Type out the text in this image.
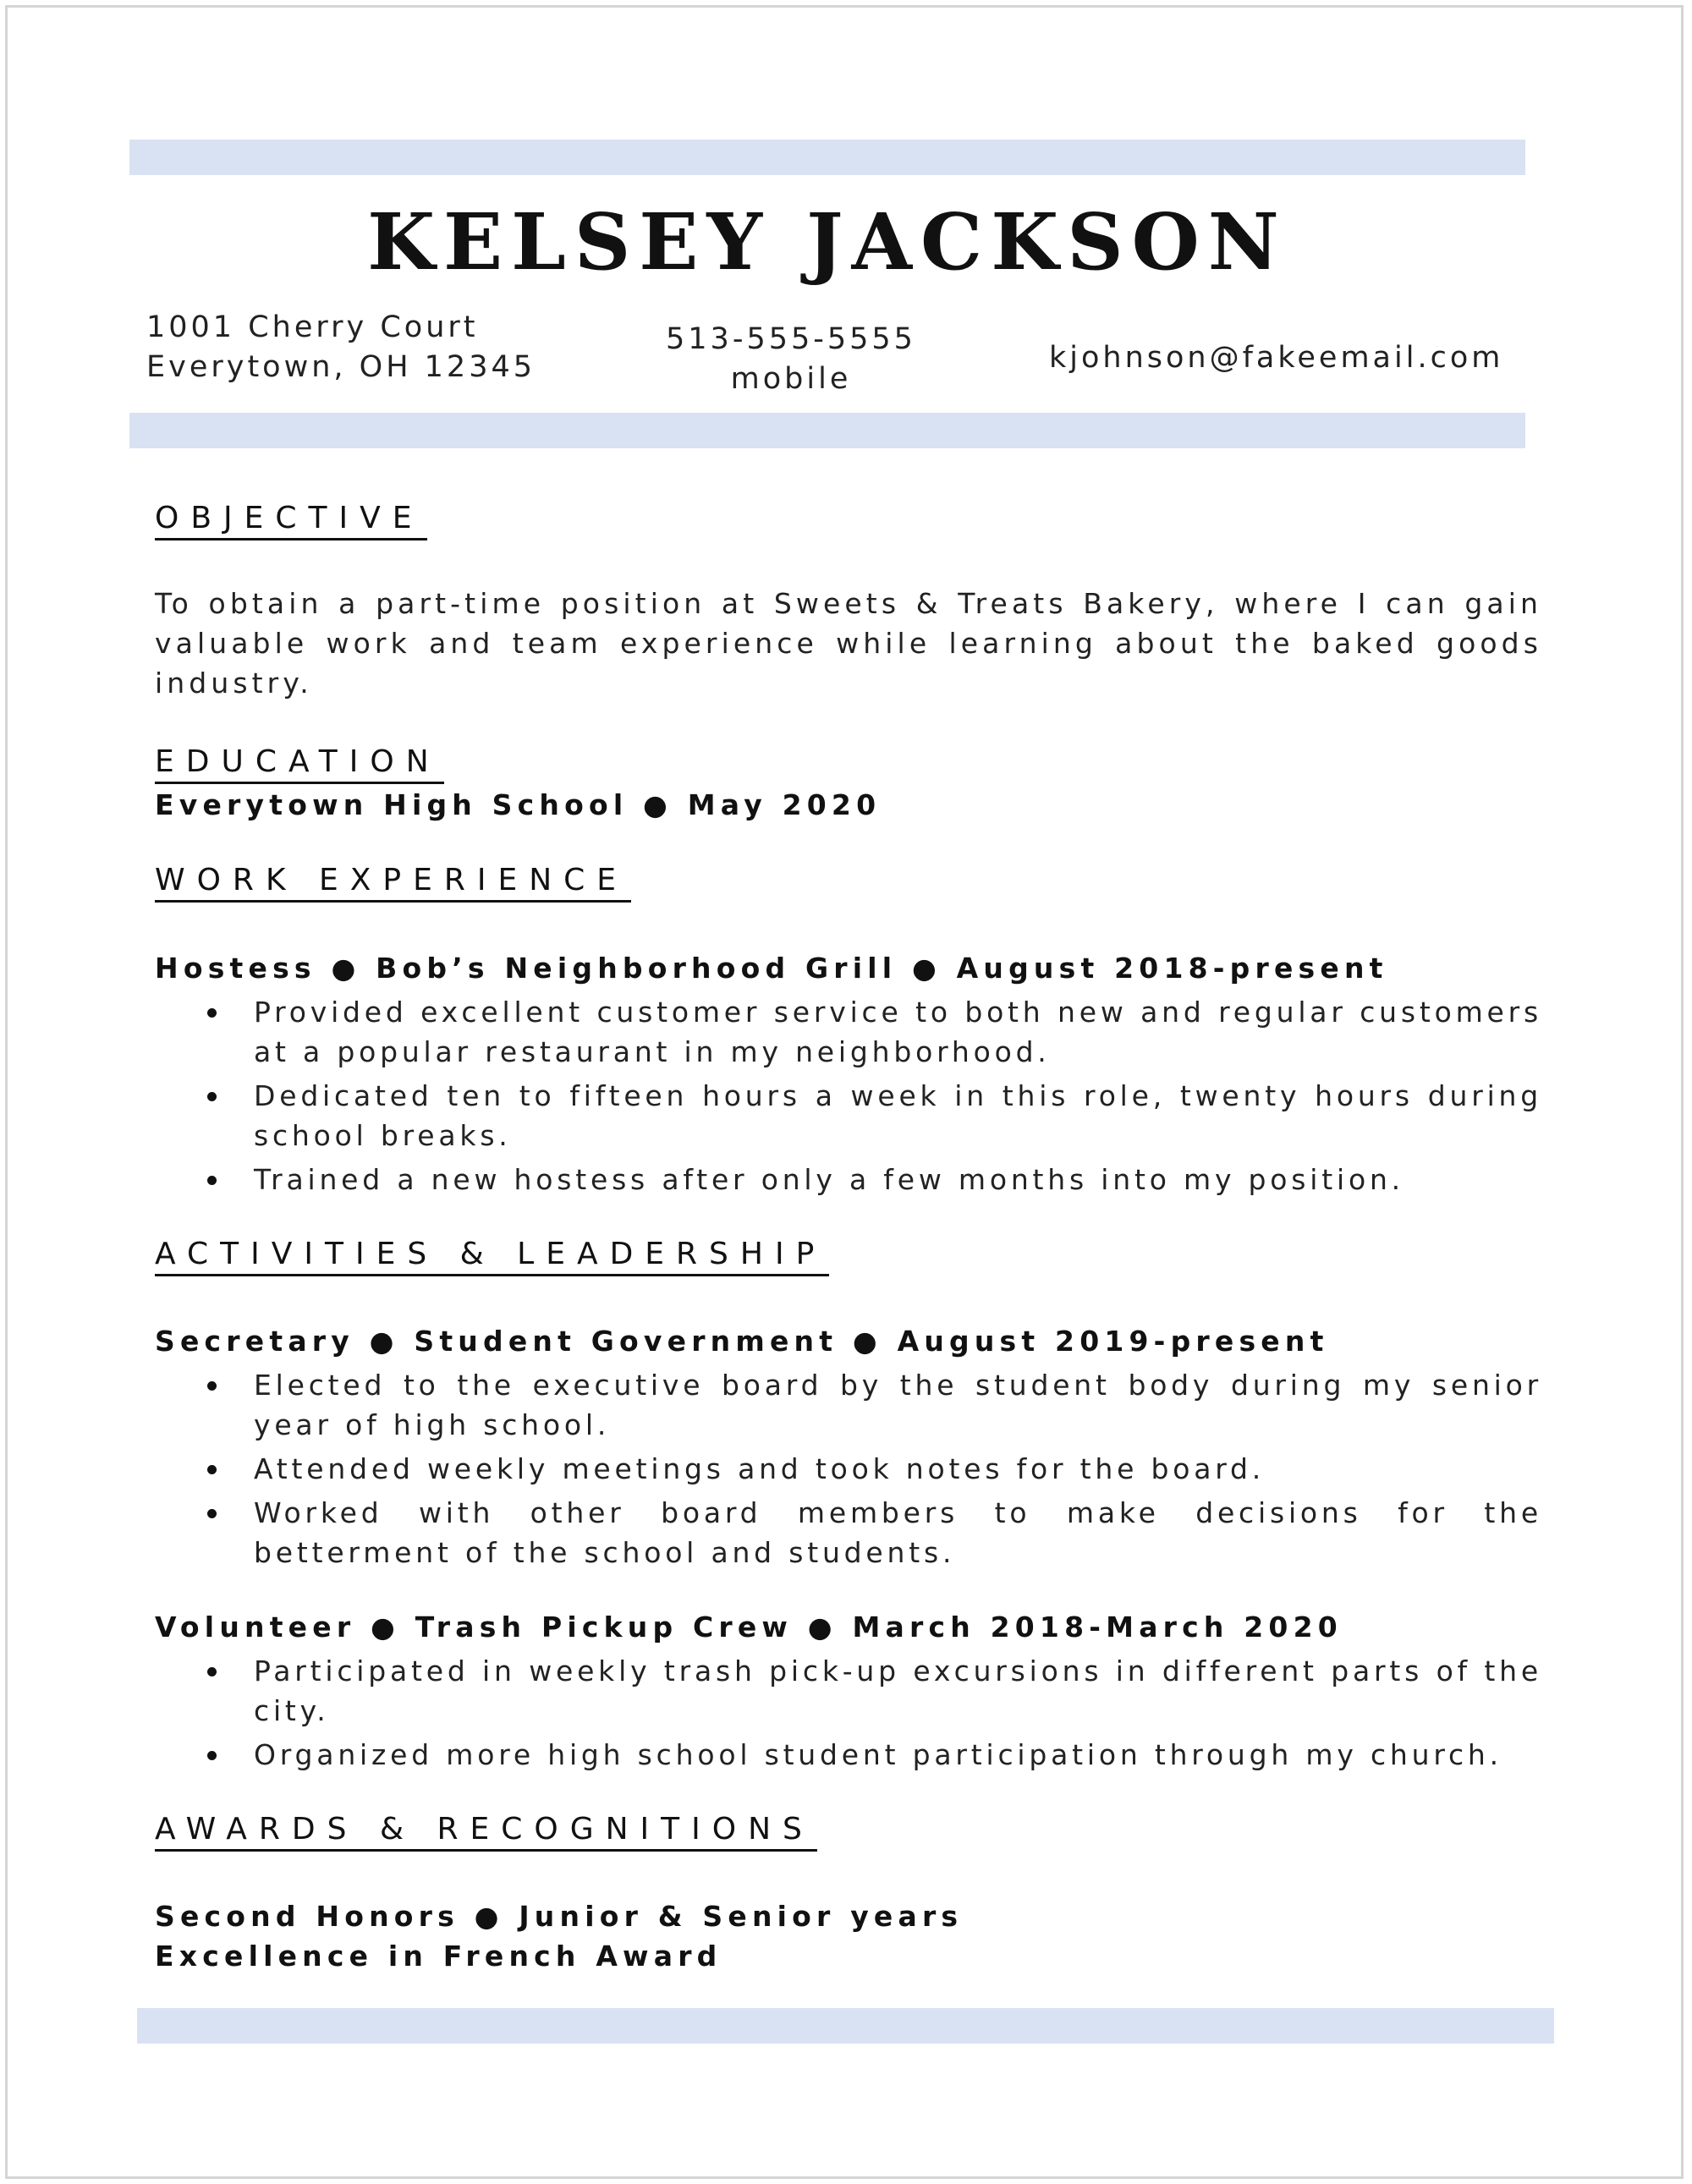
KELSEY JACKSON
1001 Cherry Court
Everytown, OH 12345
513-555-5555
mobile
kjohnson@fakeemail.com
OBJECTIVE
To obtain a part-time position at Sweets & Treats Bakery, where I can gain valuable work and team experience while learning about the baked goods industry.
EDUCATION
Everytown High School ● May 2020
WORK EXPERIENCE
Hostess ● Bob’s Neighborhood Grill ● August 2018-present
Provided excellent customer service to both new and regular customers at a popular restaurant in my neighborhood.
Dedicated ten to fifteen hours a week in this role, twenty hours during school breaks.
Trained a new hostess after only a few months into my position.
ACTIVITIES & LEADERSHIP
Secretary ● Student Government ● August 2019-present
Elected to the executive board by the student body during my senior year of high school.
Attended weekly meetings and took notes for the board.
Worked with other board members to make decisions for the betterment of the school and students.
Volunteer ● Trash Pickup Crew ● March 2018-March 2020
Participated in weekly trash pick-up excursions in different parts of the city.
Organized more high school student participation through my church.
AWARDS & RECOGNITIONS
Second Honors ● Junior & Senior years
Excellence in French Award
